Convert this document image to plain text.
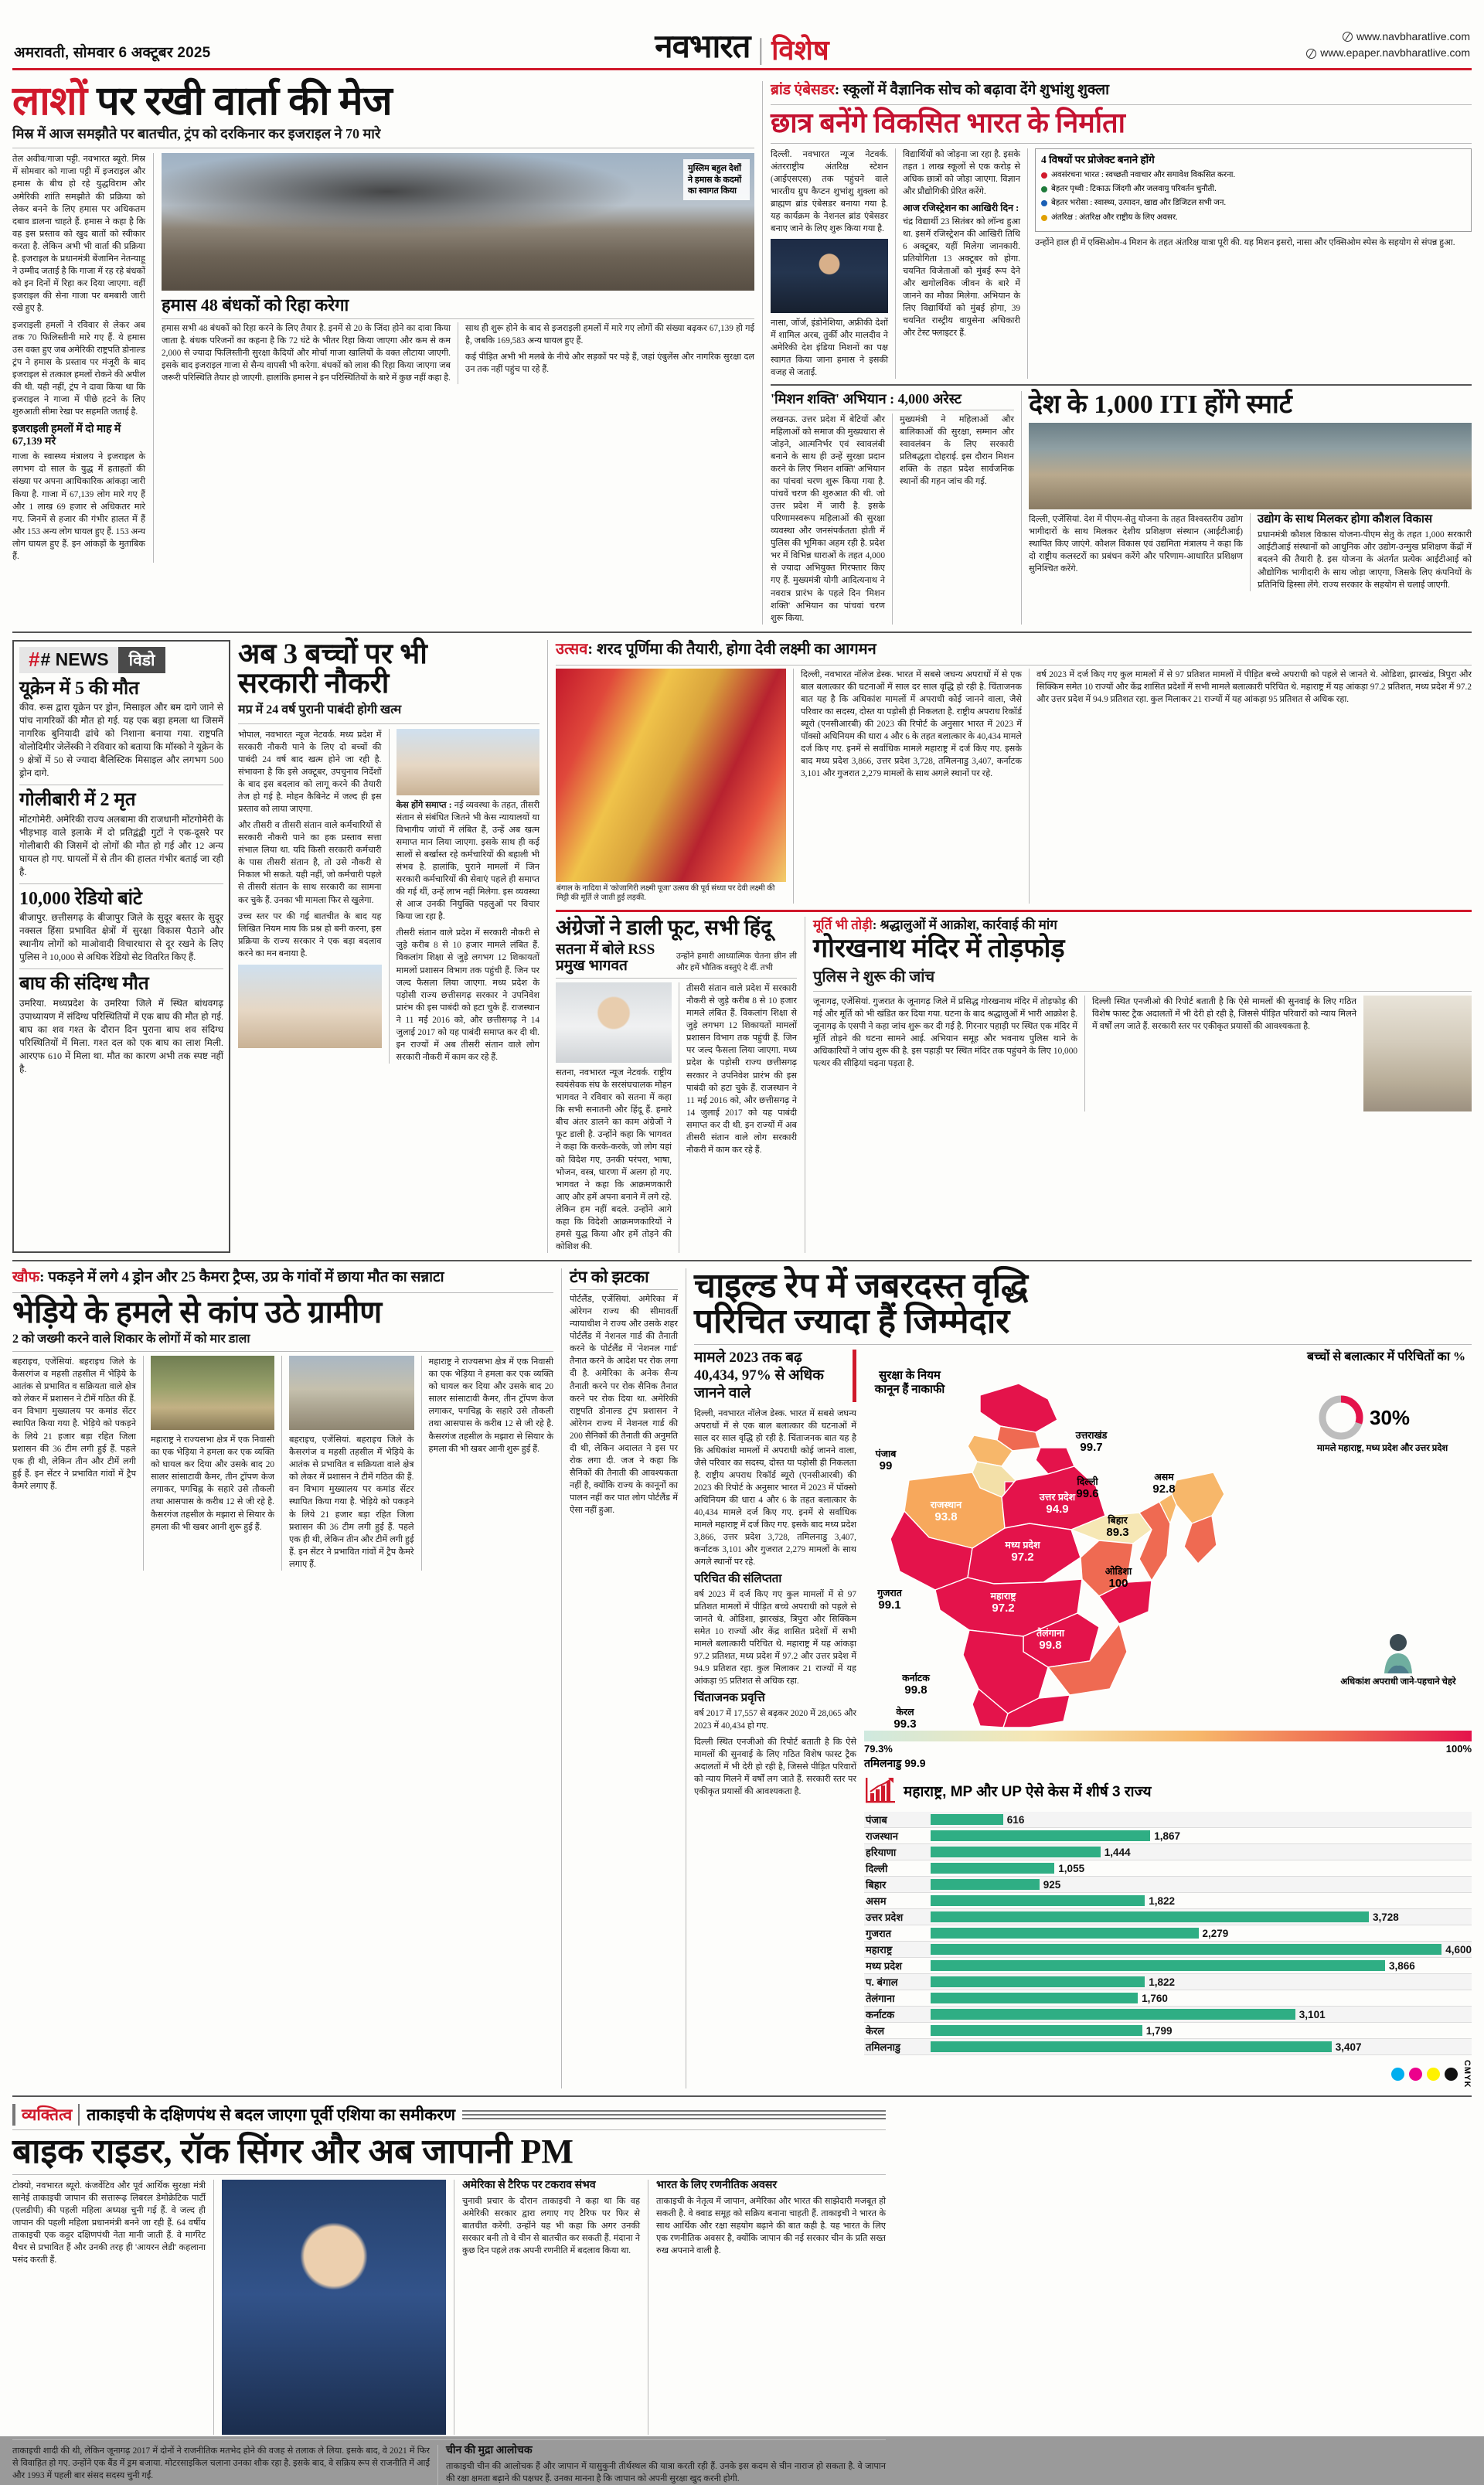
अमरावती, सोमवार 6 अक्टूबर 2025	नवभारत | विशेष	www.navbharatlive.com
www.epaper.navbharatlive.com
लाशों पर रखी वार्ता की मेज
मिस्र में आज समझौते पर बातचीत, ट्रंप को दरकिनार कर इजराइल ने 70 मारे
तेल अवीव/गाजा पट्टी. नवभारत ब्यूरो. मिस्र में सोमवार को गाजा पट्टी में इजराइल और हमास के बीच हो रहे युद्धविराम और अमेरिकी शांति समझौते की प्रक्रिया को लेकर बनने के लिए हमास पर अधिकतम दबाव डालना चाहते हैं. हमास ने कहा है कि वह इस प्रस्ताव को खुद बातों को स्वीकार करता है. लेकिन अभी भी वार्ता की प्रक्रिया है. इजराइल के प्रधानमंत्री बेंजामिन नेतन्याहू ने उम्मीद जताई है कि गाजा में रह रहे बंधकों को इन दिनों में रिहा कर दिया जाएगा. वहीं इजराइल की सेना गाजा पर बमबारी जारी रखे हुए है.
इजराइली हमलों ने रविवार से लेकर अब तक 70 फिलिस्तीनी मारे गए हैं. ये हमास उस वक्त हुए जब अमेरिकी राष्ट्रपति डोनाल्ड ट्रंप ने हमास के प्रस्ताव पर मंजूरी के बाद इजराइल से तत्काल हमलों रोकने की अपील की थी. यही नहीं, ट्रंप ने दावा किया था कि इजराइल ने गाजा में पीछे हटने के लिए शुरुआती सीमा रेखा पर सहमति जताई है.
इजराइली हमलों में दो माह में 67,139 मरे
गाजा के स्वास्थ्य मंत्रालय ने इजराइल के लगभग दो साल के युद्ध में हताहतों की संख्या पर अपना आधिकारिक आंकड़ा जारी किया है. गाजा में 67,139 लोग मारे गए हैं और 1 लाख 69 हजार से अधिकतर मारे गए. जिनमें से हजार की गंभीर हालत में हैं और 153 अन्य लोग घायल हुए हैं. 153 अन्य लोग घायल हुए हैं. इन आंकड़ों के मुताबिक हैं.
मुस्लिम बहुल देशों ने हमास के कदमों का स्वागत किया
हमास 48 बंधकों को रिहा करेगा
हमास सभी 48 बंधकों को रिहा करने के लिए तैयार है. इनमें से 20 के जिंदा होने का दावा किया जाता है. बंधक परिजनों का कहना है कि 72 घंटे के भीतर रिहा किया जाएगा और कम से कम 2,000 से ज्यादा फिलिस्तीनी सुरक्षा कैदियों और मोर्चा गाजा खालियों के वक्त लौटाया जाएगी. इसके बाद इजराइल गाजा से सैन्य वापसी भी करेगा. बंधकों को लाश की रिहा किया जाएगा जब जरूरी परिस्थिति तैयार हो जाएगी. हालांकि हमास ने इन परिस्थितियों के बारे में कुछ नहीं कहा है.
साथ ही शुरू होने के बाद से इजराइली हमलों में मारे गए लोगों की संख्या बढ़कर 67,139 हो गई है, जबकि 169,583 अन्य घायल हुए हैं.
कई पीड़ित अभी भी मलबे के नीचे और सड़कों पर पड़े हैं, जहां एंबुलेंस और नागरिक सुरक्षा दल उन तक नहीं पहुंच पा रहे हैं.
ब्रांड एंबेसडर: स्कूलों में वैज्ञानिक सोच को बढ़ावा देंगे शुभांशु शुक्ला
छात्र बनेंगे विकसित भारत के निर्माता
दिल्ली. नवभारत न्यूज नेटवर्क. अंतरराष्ट्रीय अंतरिक्ष स्टेशन (आईएसएस) तक पहुंचने वाले भारतीय ग्रुप कैप्टन शुभांशु शुक्ला को ब्राह्मण ब्रांड एंबेसडर बनाया गया है. यह कार्यक्रम के नेशनल ब्रांड एंबेसडर बनाए जाने के लिए शुरू किया गया है.
नासा, जॉर्ज, इंडोनेशिया, अफ्रीकी देशों में शामिल अरब, तुर्की और मालदीव ने अमेरिकी देश इंडिया मिशनों का पक्ष स्वागत किया जाना हमास ने इसकी वजह से जताई.
विद्यार्थियों को जोड़ना जा रहा है. इसके तहत 1 लाख स्कूलों से एक करोड़ से अधिक छात्रों को जोड़ा जाएगा. विज्ञान और प्रौद्योगिकी प्रेरित करेंगे.
आज रजिस्ट्रेशन का आखिरी दिन :
चंद्र विद्यार्थी 23 सितंबर को लॉन्च हुआ था. इसमें रजिस्ट्रेशन की आखिरी तिथि 6 अक्टूबर, यहीं मिलेगा जानकारी. प्रतियोगिता 13 अक्टूबर को होगा. चयनित विजेताओं को मुंबई रूप देने और खगोलविक जीवन के बारे में जानने का मौका मिलेगा. अभियान के लिए विद्यार्थियों को मुंबई होगा, 39 चयनित रास्ट्रीय वायुसेना अधिकारी और टेस्ट फ्लाइटर हैं.
4 विषयों पर प्रोजेक्ट बनाने होंगे
अवसंरचना भारत : स्वच्छती नवाचार और समावेश विकसित करना.
बेहतर पृथ्वी : टिकाऊ जिंदगी और जलवायु परिवर्तन चुनौती.
बेहतर भरोसा : स्वास्थ्य, उत्पादन, खाद्य और डिजिटल सभी जन.
अंतरिक्ष : अंतरिक्ष और राष्ट्रीय के लिए अवसर.
उन्होंने हाल ही में एक्सिओम-4 मिशन के तहत अंतरिक्ष यात्रा पूरी की. यह मिशन इसरो, नासा और एक्सिओम स्पेस के सहयोग से संपन्न हुआ.
'मिशन शक्ति' अभियान : 4,000 अरेस्ट
लखनऊ. उत्तर प्रदेश में बेटियों और महिलाओं को समाज की मुख्यधारा से जोड़ने, आत्मनिर्भर एवं स्वावलंबी बनाने के साथ ही उन्हें सुरक्षा प्रदान करने के लिए 'मिशन शक्ति' अभियान का पांचवां चरण शुरू किया गया है. पांचवें चरण की शुरुआत की थी. जो उत्तर प्रदेश में जारी है. इसके परिणामस्वरूप महिलाओं की सुरक्षा व्यवस्था और जनसंपर्कतता होती में पुलिस की भूमिका अहम रही है. प्रदेश भर में विभिन्न धाराओं के तहत 4,000 से ज्यादा अभियुक्त गिरफ्तार किए गए हैं. मुख्यमंत्री योगी आदित्यनाथ ने नवरात्र प्रारंभ के पहले दिन 'मिशन शक्ति' अभियान का पांचवां चरण शुरू किया.
मुख्यमंत्री ने महिलाओं और बालिकाओं की सुरक्षा, सम्मान और स्वावलंबन के लिए सरकारी प्रतिबद्धता दोहराई. इस दौरान मिशन शक्ति के तहत प्रदेश सार्वजनिक स्थानों की गहन जांच की गई.
देश के 1,000 ITI होंगे स्मार्ट
दिल्ली, एजेंसियां. देश में पीएम-सेतु योजना के तहत विश्वस्तरीय उद्योग भागीदारों के साथ मिलकर देशीय प्रशिक्षण संस्थान (आईटीआई) स्थापित किए जाएंगे. कौशल विकास एवं उद्यमिता मंत्रालय ने कहा कि दो राष्ट्रीय कलस्टरों का प्रबंधन करेंगे और परिणाम-आधारित प्रशिक्षण सुनिश्चित करेंगे.
उद्योग के साथ मिलकर होगा कौशल विकास
प्रधानमंत्री कौशल विकास योजना-पीएम सेतु के तहत 1,000 सरकारी आईटीआई संस्थानों को आधुनिक और उद्योग-उन्मुख प्रशिक्षण केंद्रों में बदलने की तैयारी है. इस योजना के अंतर्गत प्रत्येक आईटीआई को औद्योगिक भागीदारी के साथ जोड़ा जाएगा, जिसके लिए कंपनियों के प्रतिनिधि हिस्सा लेंगे. राज्य सरकार के सहयोग से चलाई जाएगी.
# # NEWS	विडो
यूक्रेन में 5 की मौत
कीव. रूस द्वारा यूक्रेन पर ड्रोन, मिसाइल और बम दागे जाने से पांच नागरिकों की मौत हो गई. यह एक बड़ा हमला था जिसमें नागरिक बुनियादी ढांचे को निशाना बनाया गया. राष्ट्रपति वोलोदिमीर जेलेंस्की ने रविवार को बताया कि मॉस्को ने यूक्रेन के 9 क्षेत्रों में 50 से ज्यादा बैलिस्टिक मिसाइल और लगभग 500 ड्रोन दागे.
गोलीबारी में 2 मृत
मोंटगोमेरी. अमेरिकी राज्य अलबामा की राजधानी मोंटगोमेरी के भीड़भाड़ वाले इलाके में दो प्रतिद्वंद्वी गुटों ने एक-दूसरे पर गोलीबारी की जिसमें दो लोगों की मौत हो गई और 12 अन्य घायल हो गए. घायलों में से तीन की हालत गंभीर बताई जा रही है.
10,000 रेडियो बांटे
बीजापुर. छत्तीसगढ़ के बीजापुर जिले के सुदूर बस्तर के सुदूर नक्सल हिंसा प्रभावित क्षेत्रों में सुरक्षा विकास पैठाने और स्थानीय लोगों को माओवादी विचारधारा से दूर रखने के लिए पुलिस ने 10,000 से अधिक रेडियो सेट वितरित किए हैं.
बाघ की संदिग्ध मौत
उमरिया. मध्यप्रदेश के उमरिया जिले में स्थित बांधवगढ़ उपाध्यायण में संदिग्ध परिस्थितियों में एक बाघ की मौत हो गई. बाघ का शव गश्त के दौरान दिन पुराना बाघ शव संदिग्ध परिस्थितियों में मिला. गश्त दल को एक बाघ का लाश मिली. आरएफ 610 में मिला था. मौत का कारण अभी तक स्पष्ट नहीं है.
अब 3 बच्चों पर भी
सरकारी नौकरी
मप्र में 24 वर्ष पुरानी पाबंदी होगी खत्म
भोपाल, नवभारत न्यूज नेटवर्क. मध्य प्रदेश में सरकारी नौकरी पाने के लिए दो बच्चों की पाबंदी 24 वर्ष बाद खत्म होने जा रही है. संभावना है कि इसे अक्टूबर, उपचुनाव निर्देशों के बाद इस बदलाव को लागू करने की तैयारी तेज हो गई है. मोहन कैबिनेट में जल्द ही इस प्रस्ताव को लाया जाएगा.
और तीसरी व तीसरी संतान वाले कर्मचारियों से सरकारी नौकरी पाने का हक प्रस्ताव सत्ता संभाल लिया था. यदि किसी सरकारी कर्मचारी के पास तीसरी संतान है, तो उसे नौकरी से निकाल भी सकते. यही नहीं, जो कर्मचारी पहले से तीसरी संतान के साथ सरकारी का सामना कर चुके हैं. उनका भी मामला फिर से खुलेगा.
उच्च स्तर पर की गई बातचीत के बाद यह लिखित नियम माय कि प्रश्न हो बनी करना, इस प्रक्रिया के राज्य सरकार ने एक बड़ा बदलाव करने का मन बनाया है.
केस होंगे समाप्त : नई व्यवस्था के तहत, तीसरी संतान से संबंधित जितने भी केस न्यायालयों या विभागीय जांचों में लंबित हैं, उन्हें अब खत्म समाप्त मान लिया जाएगा. इसके साथ ही कई सालों से बर्खास्त रहे कर्मचारियों की बहाली भी संभव है. हालांकि, पुराने मामलों में जिन सरकारी कर्मचारियों की सेवाएं पहले ही समाप्त की गई थीं, उन्हें लाभ नहीं मिलेगा. इस व्यवस्था से आज उनकी नियुक्ति पहलुओं पर विचार किया जा रहा है.
तीसरी संतान वाले प्रदेश में सरकारी नौकरी से जुड़े करीब 8 से 10 हजार मामले लंबित हैं. विकलांग शिक्षा से जुड़े लगभग 12 शिकायतों मामलों प्रशासन विभाग तक पहुंची हैं. जिन पर जल्द फैसला लिया जाएगा. मध्य प्रदेश के पड़ोसी राज्य छत्तीसगढ़ सरकार ने उपनिवेश प्रारंभ की इस पाबंदी को हटा चुके हैं. राजस्थान ने 11 मई 2016 को, और छत्तीसगढ़ ने 14 जुलाई 2017 को यह पाबंदी समाप्त कर दी थी. इन राज्यों में अब तीसरी संतान वाले लोग सरकारी नौकरी में काम कर रहे हैं.
उत्सव: शरद पूर्णिमा की तैयारी, होगा देवी लक्ष्मी का आगमन
बंगाल के नादिया में 'कोजागिरी लक्ष्मी पूजा' उत्सव की पूर्व संध्या पर देवी लक्ष्मी की मिट्टी की मूर्ति ले जाती हुई लड़की.
दिल्ली, नवभारत नॉलेज डेस्क. भारत में सबसे जघन्य अपराधों में से एक बाल बलात्कार की घटनाओं में साल दर साल वृद्धि हो रही है. चिंताजनक बात यह है कि अधिकांश मामलों में अपराधी कोई जानने वाला, जैसे परिवार का सदस्य, दोस्त या पड़ोसी ही निकलता है. राष्ट्रीय अपराध रिकॉर्ड ब्यूरो (एनसीआरबी) की 2023 की रिपोर्ट के अनुसार भारत में 2023 में पॉक्सो अधिनियम की धारा 4 और 6 के तहत बलात्कार के 40,434 मामले दर्ज किए गए. इनमें से सर्वाधिक मामले महाराष्ट्र में दर्ज किए गए. इसके बाद मध्य प्रदेश 3,866, उत्तर प्रदेश 3,728, तमिलनाडु 3,407, कर्नाटक 3,101 और गुजरात 2,279 मामलों के साथ अगले स्थानों पर रहे.
वर्ष 2023 में दर्ज किए गए कुल मामलों में से 97 प्रतिशत मामलों में पीड़ित बच्चे अपराधी को पहले से जानते थे. ओडिशा, झारखंड, त्रिपुरा और सिक्किम समेत 10 राज्यों और केंद्र शासित प्रदेशों में सभी मामले बलात्कारी परिचित थे. महाराष्ट्र में यह आंकड़ा 97.2 प्रतिशत, मध्य प्रदेश में 97.2 और उत्तर प्रदेश में 94.9 प्रतिशत रहा. कुल मिलाकर 21 राज्यों में यह आंकड़ा 95 प्रतिशत से अधिक रहा.
अंग्रेजों ने डाली फूट, सभी हिंदू
सतना में बोले RSS प्रमुख भागवत
उन्होंने हमारी आध्यात्मिक चेतना छीन ली और हमें भौतिक वस्तुएं दे दीं. तभी
सतना, नवभारत न्यूज नेटवर्क. राष्ट्रीय स्वयंसेवक संघ के सरसंघचालक मोहन भागवत ने रविवार को सतना में कहा कि सभी सनातनी और हिंदू हैं. हमारे बीच अंतर डालने का काम अंग्रेजों ने फूट डाली है. उन्होंने कहा कि भागवत ने कहा कि करके-करके, जो लोग यहां को विदेश गए, उनकी परंपरा, भाषा, भोजन, वस्त्र, धारणा में अलग हो गए. भागवत ने कहा कि आक्रमणकारी आए और हमें अपना बनाने में लगे रहे. लेकिन हम नहीं बदले. उन्होंने आगे कहा कि विदेशी आक्रमणकारियों ने हमसे युद्ध किया और हमें तोड़ने की कोशिश की.
तीसरी संतान वाले प्रदेश में सरकारी नौकरी से जुड़े करीब 8 से 10 हजार मामले लंबित हैं. विकलांग शिक्षा से जुड़े लगभग 12 शिकायतों मामलों प्रशासन विभाग तक पहुंची हैं. जिन पर जल्द फैसला लिया जाएगा. मध्य प्रदेश के पड़ोसी राज्य छत्तीसगढ़ सरकार ने उपनिवेश प्रारंभ की इस पाबंदी को हटा चुके हैं. राजस्थान ने 11 मई 2016 को, और छत्तीसगढ़ ने 14 जुलाई 2017 को यह पाबंदी समाप्त कर दी थी. इन राज्यों में अब तीसरी संतान वाले लोग सरकारी नौकरी में काम कर रहे हैं.
मूर्ति भी तोड़ी: श्रद्धालुओं में आक्रोश, कार्रवाई की मांग
गोरखनाथ मंदिर में तोड़फोड़
पुलिस ने शुरू की जांच
जूनागढ़, एजेंसियां. गुजरात के जूनागढ़ जिले में प्रसिद्ध गोरखनाथ मंदिर में तोड़फोड़ की गई और मूर्ति को भी खंडित कर दिया गया. घटना के बाद श्रद्धालुओं में भारी आक्रोश है. जूनागढ़ के एसपी ने कहा जांच शुरू कर दी गई है. गिरनार पहाड़ी पर स्थित एक मंदिर में मूर्ति तोड़ने की घटना सामने आई. अभियान समूह और भवनाथ पुलिस थाने के अधिकारियों ने जांच शुरू की है. इस पहाड़ी पर स्थित मंदिर तक पहुंचने के लिए 10,000 पत्थर की सीढ़ियां चढ़ना पड़ता है.
दिल्ली स्थित एनजीओ की रिपोर्ट बताती है कि ऐसे मामलों की सुनवाई के लिए गठित विशेष फास्ट ट्रैक अदालतों में भी देरी हो रही है, जिससे पीड़ित परिवारों को न्याय मिलने में वर्षों लग जाते हैं. सरकारी स्तर पर एकीकृत प्रयासों की आवश्यकता है.
खौफ: पकड़ने में लगे 4 ड्रोन और 25 कैमरा ट्रैप्स, उप्र के गांवों में छाया मौत का सन्नाटा
भेड़िये के हमले से कांप उठे ग्रामीण
2 को जख्मी करने वाले शिकार के लोगों में को मार डाला
बहराइच, एजेंसियां. बहराइच जिले के कैसरगंज व महसी तहसील में भेड़िये के आतंक से प्रभावित व सक्रियता वाले क्षेत्र को लेकर में प्रशासन ने टीमें गठित की हैं. वन विभाग मुख्यालय पर कमांड सेंटर स्थापित किया गया है. भेड़िये को पकड़ने के लिये 21 हजार बड़ा रहित जिला प्रशासन की 36 टीम लगी हुई हैं. पहले एक ही थी, लेकिन तीन और टीमें लगी हुई हैं. इन सेंटर ने प्रभावित गांवों में ट्रैप कैमरे लगाए हैं.
महाराष्ट्र ने राज्यसभा क्षेत्र में एक निवासी का एक भेड़िया ने हमला कर एक व्यक्ति को घायल कर दिया और उसके बाद 20 सालर सांसाटावी कैमर, तीन ट्रॉपण केज लगाकर, पगचिह्न के सहारे उसे तौकली तथा आसपास के करीब 12 से जी रहे है. कैसरगंज तहसील के मझारा से सियार के हमला की भी खबर आनी शुरू हुई हैं.
बहराइच, एजेंसियां. बहराइच जिले के कैसरगंज व महसी तहसील में भेड़िये के आतंक से प्रभावित व सक्रियता वाले क्षेत्र को लेकर में प्रशासन ने टीमें गठित की हैं. वन विभाग मुख्यालय पर कमांड सेंटर स्थापित किया गया है. भेड़िये को पकड़ने के लिये 21 हजार बड़ा रहित जिला प्रशासन की 36 टीम लगी हुई हैं. पहले एक ही थी, लेकिन तीन और टीमें लगी हुई हैं. इन सेंटर ने प्रभावित गांवों में ट्रैप कैमरे लगाए हैं.
महाराष्ट्र ने राज्यसभा क्षेत्र में एक निवासी का एक भेड़िया ने हमला कर एक व्यक्ति को घायल कर दिया और उसके बाद 20 सालर सांसाटावी कैमर, तीन ट्रॉपण केज लगाकर, पगचिह्न के सहारे उसे तौकली तथा आसपास के करीब 12 से जी रहे है. कैसरगंज तहसील के मझारा से सियार के हमला की भी खबर आनी शुरू हुई हैं.
टंप को झटका
पोर्टलैंड, एजेंसियां. अमेरिका में ओरेगन राज्य की सीमावर्ती न्यायाधीश ने राज्य और उसके शहर पोर्टलैंड में नेशनल गार्ड की तैनाती करने के पोर्टलैंड में 'नेशनल गार्ड' तैनात करने के आदेश पर रोक लगा दी है. अमेरिका के अनेक सैन्य तैनाती करने पर रोक सैनिक तैनात करने पर रोक दिया था. अमेरिकी राष्ट्रपति डोनाल्ड ट्रंप प्रशासन ने ओरेगन राज्य में नेशनल गार्ड की 200 सैनिकों की तैनाती की अनुमति दी थी, लेकिन अदालत ने इस पर रोक लगा दी. जज ने कहा कि सैनिकों की तैनाती की आवश्यकता नहीं है, क्योंकि राज्य के कानूनों का पालन नहीं कर पात लोग पोर्टलैंड में ऐसा नहीं हुआ.
चाइल्ड रेप में जबरदस्त वृद्धि
परिचित ज्यादा हैं जिम्मेदार
मामले 2023 तक बढ़ 40,434, 97% से अधिक जानने वाले
दिल्ली, नवभारत नॉलेज डेस्क. भारत में सबसे जघन्य अपराधों में से एक बाल बलात्कार की घटनाओं में साल दर साल वृद्धि हो रही है. चिंताजनक बात यह है कि अधिकांश मामलों में अपराधी कोई जानने वाला, जैसे परिवार का सदस्य, दोस्त या पड़ोसी ही निकलता है. राष्ट्रीय अपराध रिकॉर्ड ब्यूरो (एनसीआरबी) की 2023 की रिपोर्ट के अनुसार भारत में 2023 में पॉक्सो अधिनियम की धारा 4 और 6 के तहत बलात्कार के 40,434 मामले दर्ज किए गए. इनमें से सर्वाधिक मामले महाराष्ट्र में दर्ज किए गए. इसके बाद मध्य प्रदेश 3,866, उत्तर प्रदेश 3,728, तमिलनाडु 3,407, कर्नाटक 3,101 और गुजरात 2,279 मामलों के साथ अगले स्थानों पर रहे.
परिचित की संलिप्तता
वर्ष 2023 में दर्ज किए गए कुल मामलों में से 97 प्रतिशत मामलों में पीड़ित बच्चे अपराधी को पहले से जानते थे. ओडिशा, झारखंड, त्रिपुरा और सिक्किम समेत 10 राज्यों और केंद्र शासित प्रदेशों में सभी मामले बलात्कारी परिचित थे. महाराष्ट्र में यह आंकड़ा 97.2 प्रतिशत, मध्य प्रदेश में 97.2 और उत्तर प्रदेश में 94.9 प्रतिशत रहा. कुल मिलाकर 21 राज्यों में यह आंकड़ा 95 प्रतिशत से अधिक रहा.
चिंताजनक प्रवृत्ति
वर्ष 2017 में 17,557 से बढ़कर 2020 में 28,065 और 2023 में 40,434 हो गए.
दिल्ली स्थित एनजीओ की रिपोर्ट बताती है कि ऐसे मामलों की सुनवाई के लिए गठित विशेष फास्ट ट्रैक अदालतों में भी देरी हो रही है, जिससे पीड़ित परिवारों को न्याय मिलने में वर्षों लग जाते हैं. सरकारी स्तर पर एकीकृत प्रयासों की आवश्यकता है.
बच्चों से बलात्कार में परिचितों का %
पंजाब
99
उत्तराखंड
99.7
दिल्ली
99.6
असम
92.8
राजस्थान
93.8
उत्तर प्रदेश
94.9
बिहार
89.3
मध्य प्रदेश
97.2
ओडिशा
100
गुजरात
99.1
महाराष्ट्र
97.2
तेलंगाना
99.8
कर्नाटक
99.8
केरल
99.3
सुरक्षा के नियम कानून हैं नाकाफी
30%
मामले महाराष्ट्र, मध्य प्रदेश और उत्तर प्रदेश
अधिकांश अपराधी जाने-पहचाने चेहरे
79.3%	100%
तमिलनाडु 99.9
महाराष्ट्र, MP और UP ऐसे केस में शीर्ष 3 राज्य
पंजाब	616
राजस्थान	1,867
हरियाणा	1,444
दिल्ली	1,055
बिहार	925
असम	1,822
उत्तर प्रदेश	3,728
गुजरात	2,279
महाराष्ट्र	4,600
मध्य प्रदेश	3,866
प. बंगाल	1,822
तेलंगाना	1,760
कर्नाटक	3,101
केरल	1,799
तमिलनाडु	3,407
CMYK
व्यक्तित्व ताकाइची के दक्षिणपंथ से बदल जाएगा पूर्वी एशिया का समीकरण
बाइक राइडर, रॉक सिंगर और अब जापानी PM
टोक्यो, नवभारत ब्यूरो. कंजर्वेटिव और पूर्व आर्थिक सुरक्षा मंत्री सानेई ताकाइची जापान की सत्तारूढ़ लिबरल डेमोक्रेटिक पार्टी (एलडीपी) की पहली महिला अध्यक्ष चुनी गई हैं. वे जल्द ही जापान की पहली महिला प्रधानमंत्री बनने जा रही हैं. 64 वर्षीय ताकाइची एक कट्टर दक्षिणपंथी नेता मानी जाती हैं. वे मार्गरेट थैचर से प्रभावित हैं और उनकी तरह ही 'आयरन लेडी' कहलाना पसंद करती हैं.
अमेरिका से टैरिफ पर टकराव संभव
चुनावी प्रचार के दौरान ताकाइची ने कहा था कि वह अमेरिकी सरकार द्वारा लगाए गए टैरिफ पर फिर से बातचीत करेंगी. उन्होंने यह भी कहा कि अगर उनकी सरकार बनी तो वे चीन से बातचीत कर सकती हैं. मंदाना ने कुछ दिन पहले तक अपनी रणनीति में बदलाव किया था.
भारत के लिए रणनीतिक अवसर
ताकाइची के नेतृत्व में जापान, अमेरिका और भारत की साझेदारी मजबूत हो सकती है. वे क्वाड समूह को सक्रिय बनाना चाहती हैं. ताकाइची ने भारत के साथ आर्थिक और रक्षा सहयोग बढ़ाने की बात कही है. यह भारत के लिए एक रणनीतिक अवसर है, क्योंकि जापान की नई सरकार चीन के प्रति सख्त रुख अपनाने वाली है.
ताकाइची शादी की थी, लेकिन जूनागढ़ 2017 में दोनों ने राजनीतिक मतभेद होने की वजह से तलाक ले लिया. इसके बाद, वे 2021 में फिर से विवाहित हो गए. उन्होंने एक बैंड में ड्रम बजाया. मोटरसाइकिल चलाना उनका शौक रहा है. इसके बाद, वे सक्रिय रूप से राजनीति में आईं और 1993 में पहली बार संसद सदस्य चुनी गईं.
चीन की मुद्रा आलोचक
ताकाइची चीन की आलोचक हैं और जापान में यासुकुनी तीर्थस्थल की यात्रा करती रही हैं. उनके इस कदम से चीन नाराज हो सकता है. वे जापान की रक्षा क्षमता बढ़ाने की पक्षधर हैं. उनका मानना है कि जापान को अपनी सुरक्षा खुद करनी होगी.
